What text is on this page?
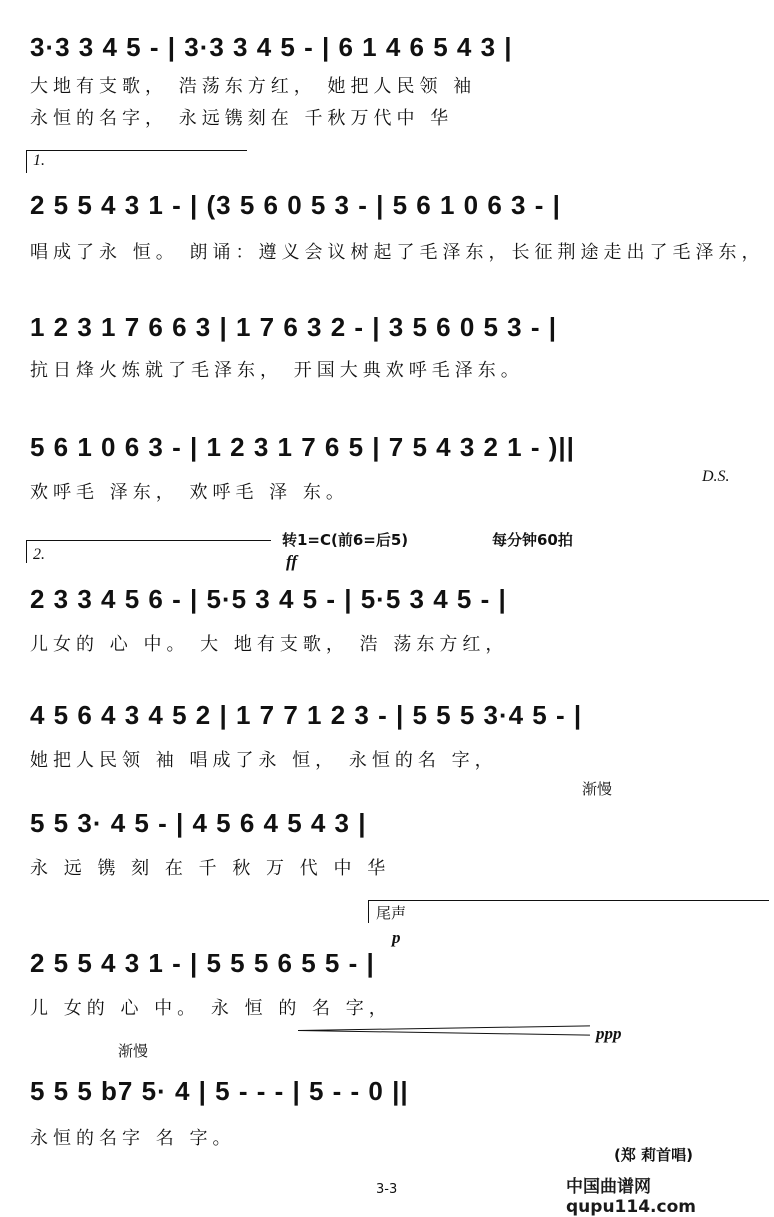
3·3 3 4 5 - | 3·3 3 4 5 - | 6 1 4 6 5 4 3 |
大地有支歌， 浩荡东方红， 她把人民领 袖
永恒的名字， 永远镌刻在 千秋万代中 华
1.
2 5 5 4 3 1 - | (3 5 6 0 5 3 - | 5 6 1 0 6 3 - |
唱成了永 恒。 朗诵：遵义会议树起了毛泽东，长征荆途走出了毛泽东，
1 2 3 1 7 6 6 3 | 1 7 6 3 2 - | 3 5 6 0 5 3 - |
抗日烽火炼就了毛泽东， 开国大典欢呼毛泽东。
5 6 1 0 6 3 - | 1 2 3 1 7 6 5 | 7 5 4 3 2 1 - )||
欢呼毛 泽东， 欢呼毛 泽 东。
D.S.
2.
转1=C(前6=后5)	每分钟60拍
ff
2 3 3 4 5 6 - | 5·5 3 4 5 - | 5·5 3 4 5 - |
儿女的 心 中。 大 地有支歌， 浩 荡东方红，
4 5 6 4 3 4 5 2 | 1 7 7 1 2 3 - | 5 5 5 3·4 5 - |
她把人民领 袖 唱成了永 恒， 永恒的名 字，
渐慢
5 5 3· 4 5 - | 4 5 6 4 5 4 3 |
永 远 镌 刻 在 千 秋 万 代 中 华
尾声
p
2 5 5 4 3 1 - | 5 5 5 6 5 5 - |
儿 女的 心 中。 永 恒 的 名 字，
ppp
渐慢
5 5 5 b7 5· 4 | 5 - - - | 5 - - 0 ||
永恒的名字 名 字。
(郑 莉首唱)
3-3	中国曲谱网qupu114.com
